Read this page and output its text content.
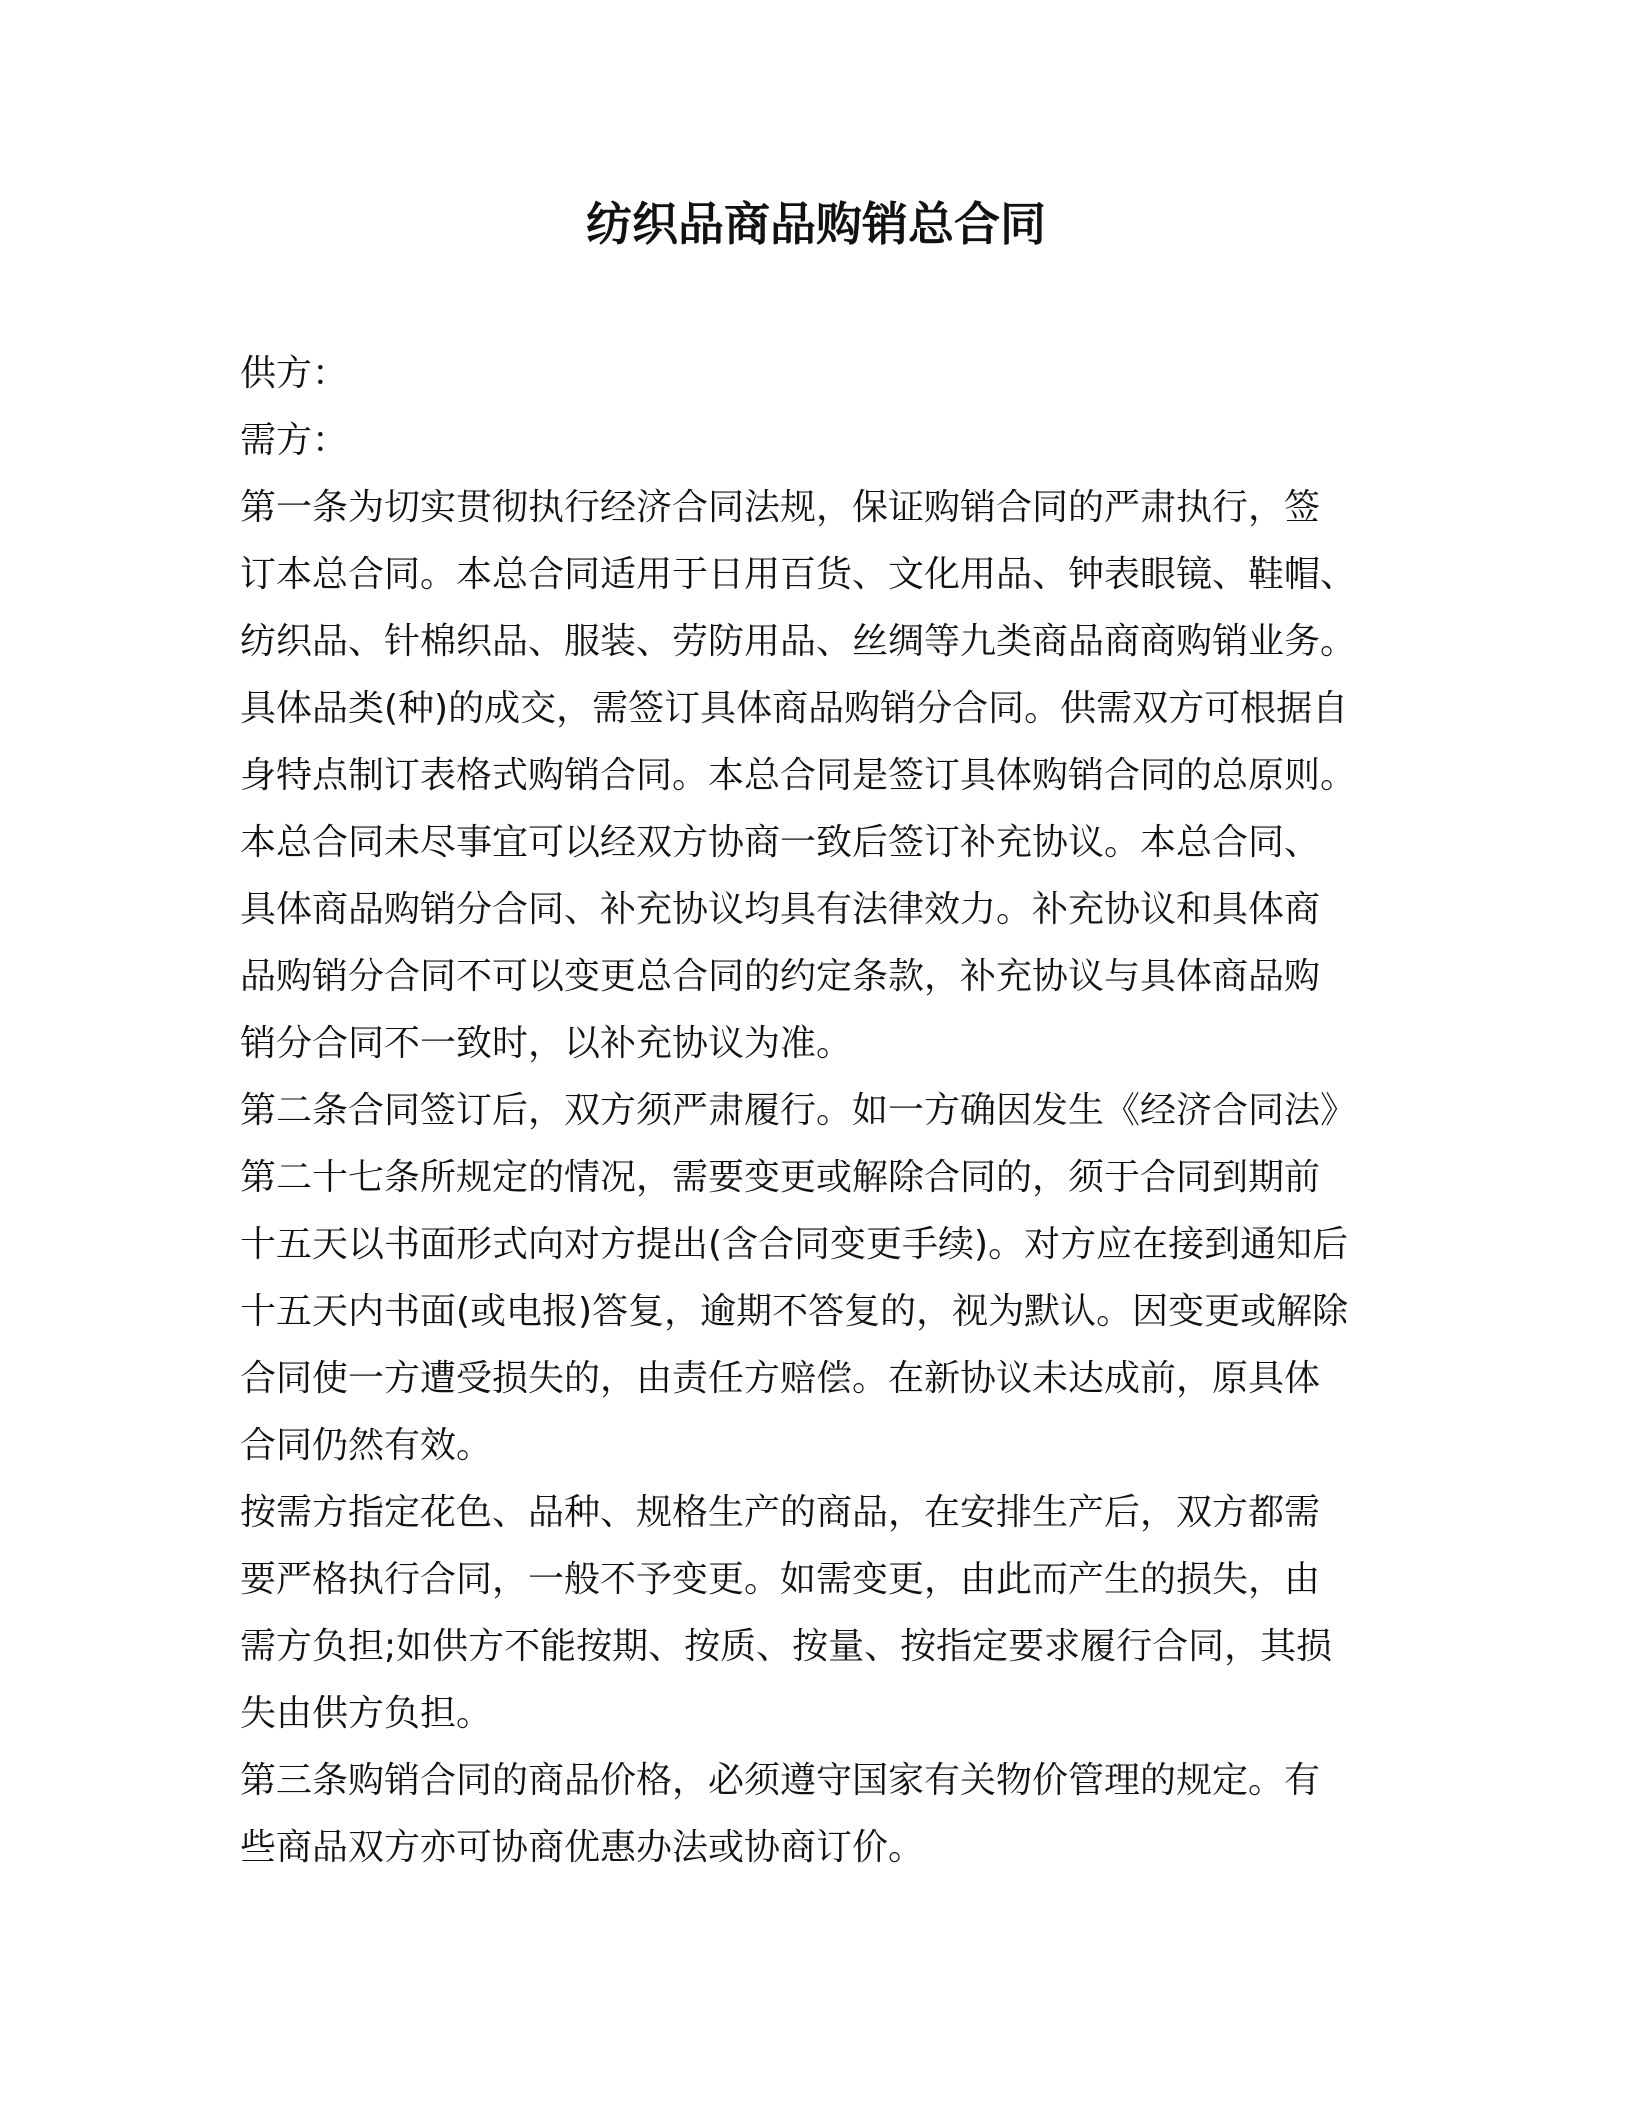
纺织品商品购销总合同
供方：
需方：
第一条为切实贯彻执行经济合同法规，保证购销合同的严肃执行，签
订本总合同。本总合同适用于日用百货、文化用品、钟表眼镜、鞋帽、
纺织品、针棉织品、服装、劳防用品、丝绸等九类商品商商购销业务。
具体品类(种)的成交，需签订具体商品购销分合同。供需双方可根据自
身特点制订表格式购销合同。本总合同是签订具体购销合同的总原则。
本总合同未尽事宜可以经双方协商一致后签订补充协议。本总合同、
具体商品购销分合同、补充协议均具有法律效力。补充协议和具体商
品购销分合同不可以变更总合同的约定条款，补充协议与具体商品购
销分合同不一致时，以补充协议为准。
第二条合同签订后，双方须严肃履行。如一方确因发生《经济合同法》
第二十七条所规定的情况，需要变更或解除合同的，须于合同到期前
十五天以书面形式向对方提出(含合同变更手续)。对方应在接到通知后
十五天内书面(或电报)答复，逾期不答复的，视为默认。因变更或解除
合同使一方遭受损失的，由责任方赔偿。在新协议未达成前，原具体
合同仍然有效。
按需方指定花色、品种、规格生产的商品，在安排生产后，双方都需
要严格执行合同，一般不予变更。如需变更，由此而产生的损失，由
需方负担;如供方不能按期、按质、按量、按指定要求履行合同，其损
失由供方负担。
第三条购销合同的商品价格，必须遵守国家有关物价管理的规定。有
些商品双方亦可协商优惠办法或协商订价。
